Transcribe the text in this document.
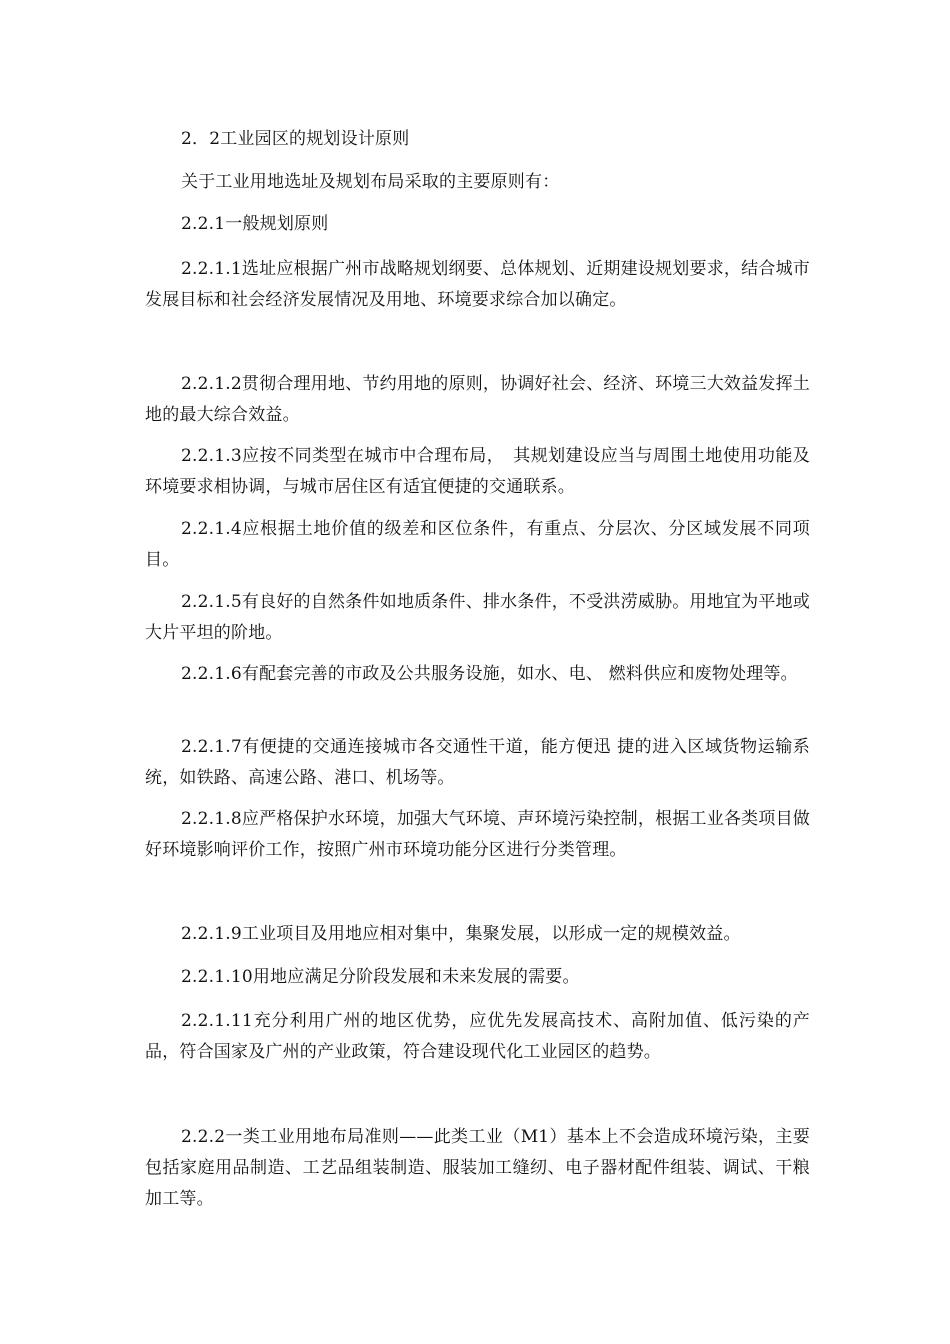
2．2工业园区的规划设计原则

关于工业用地选址及规划布局采取的主要原则有：

2.2.1一般规划原则

2.2.1.1选址应根据广州市战略规划纲要、总体规划、近期建设规划要求，结合城市发展目标和社会经济发展情况及用地、环境要求综合加以确定。

2.2.1.2贯彻合理用地、节约用地的原则，协调好社会、经济、环境三大效益发挥土地的最大综合效益。

2.2.1.3应按不同类型在城市中合理布局，　其规划建设应当与周围土地使用功能及环境要求相协调，与城市居住区有适宜便捷的交通联系。

2.2.1.4应根据土地价值的级差和区位条件，有重点、分层次、分区域发展不同项目。

2.2.1.5有良好的自然条件如地质条件、排水条件，不受洪涝威胁。用地宜为平地或大片平坦的阶地。

2.2.1.6有配套完善的市政及公共服务设施，如水、电、 燃料供应和废物处理等。

2.2.1.7有便捷的交通连接城市各交通性干道，能方便迅 捷的进入区域货物运输系统，如铁路、高速公路、港口、机场等。

2.2.1.8应严格保护水环境，加强大气环境、声环境污染控制，根据工业各类项目做好环境影响评价工作，按照广州市环境功能分区进行分类管理。

2.2.1.9工业项目及用地应相对集中，集聚发展，以形成一定的规模效益。

2.2.1.10用地应满足分阶段发展和未来发展的需要。

2.2.1.11充分利用广州的地区优势，应优先发展高技术、高附加值、低污染的产品，符合国家及广州的产业政策，符合建设现代化工业园区的趋势。

2.2.2一类工业用地布局准则——此类工业（M1）基本上不会造成环境污染，主要包括家庭用品制造、工艺品组装制造、服装加工缝纫、电子器材配件组装、调试、干粮加工等。
